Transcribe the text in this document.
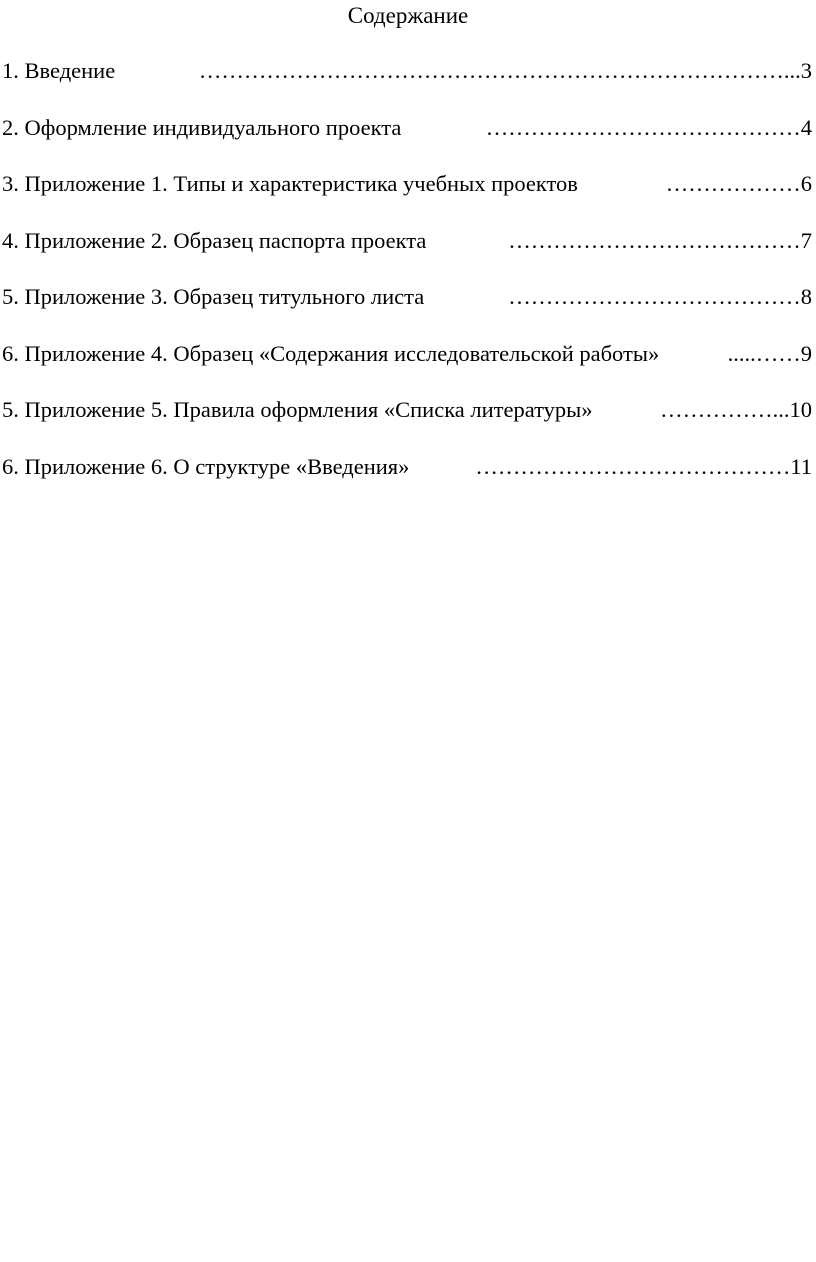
Содержание
1. Введение	……………………………………………………………………... 3
2. Оформление индивидуального проекта	…………………………………… 4
3. Приложение 1. Типы и характеристика учебных проектов	……………… 6
4. Приложение 2. Образец паспорта проекта	………………………………… 7
5. Приложение 3. Образец титульного листа	………………………………… 8
6. Приложение 4. Образец «Содержания исследовательской работы»	.....…… 9
5. Приложение 5. Правила оформления «Списка литературы»	……………... 10
6. Приложение 6. О структуре «Введения»	…………………………………… 11
